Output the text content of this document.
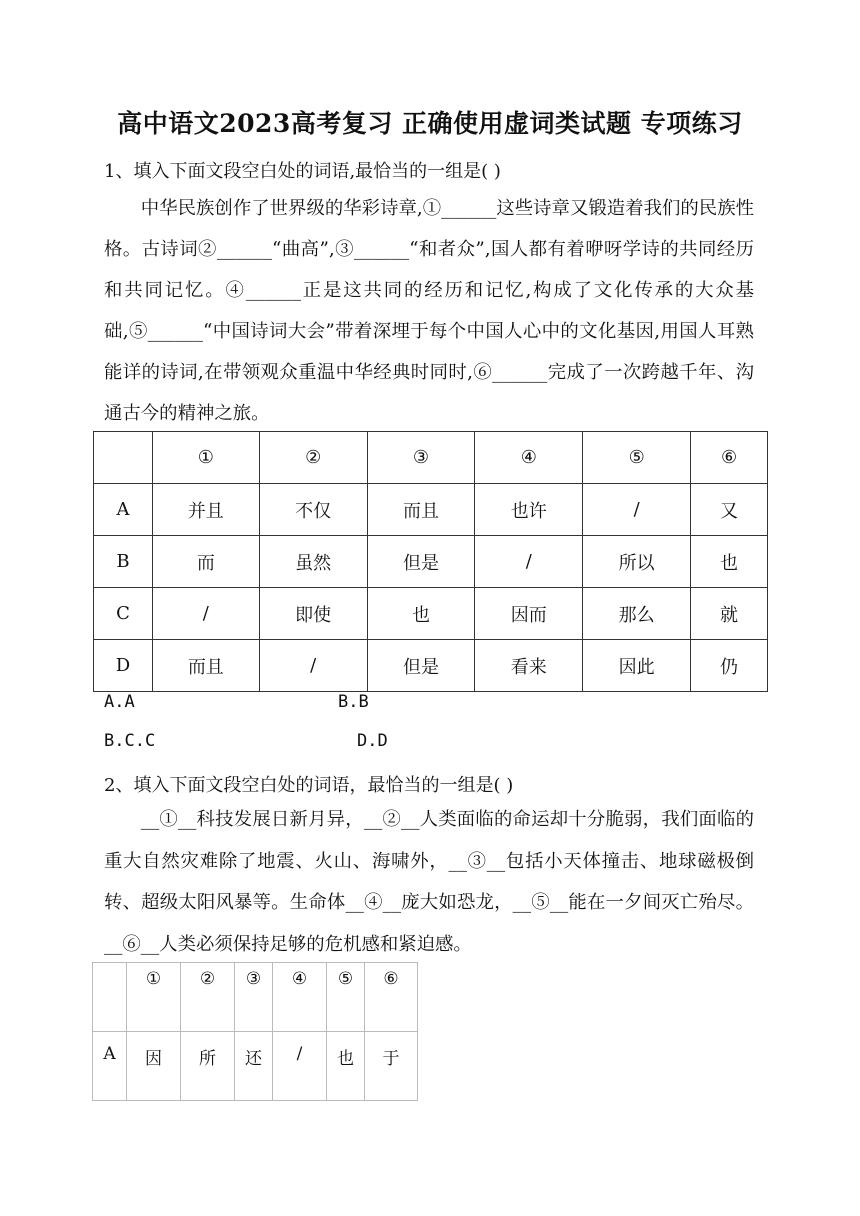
高中语文2023高考复习 正确使用虚词类试题 专项练习
1、填入下面文段空白处的词语,最恰当的一组是( )

中华民族创作了世界级的华彩诗章,①______这些诗章又锻造着我们的民族性格。古诗词②______“曲高”,③______“和者众”,国人都有着咿呀学诗的共同经历和共同记忆。④______正是这共同的经历和记忆,构成了文化传承的大众基础,⑤______“中国诗词大会”带着深埋于每个中国人心中的文化基因,用国人耳熟能详的诗词,在带领观众重温中华经典时同时,⑥______完成了一次跨越千年、沟通古今的精神之旅。

	①	②	③	④	⑤	⑥
A	并且	不仅	而且	也许	/	又
B	而	虽然	但是	/	所以	也
C	/	即使	也	因而	那么	就
D	而且	/	但是	看来	因此	仍
A.A	B.B
B.C.C	D.D
2、填入下面文段空白处的词语，最恰当的一组是( )

__①__科技发展日新月异，__②__人类面临的命运却十分脆弱，我们面临的重大自然灾难除了地震、火山、海啸外，__③__包括小天体撞击、地球磁极倒转、超级太阳风暴等。生命体__④__庞大如恐龙，__⑤__能在一夕间灭亡殆尽。__⑥__人类必须保持足够的危机感和紧迫感。

	①	②	③	④	⑤	⑥
A	因	所	还	/	也	于
